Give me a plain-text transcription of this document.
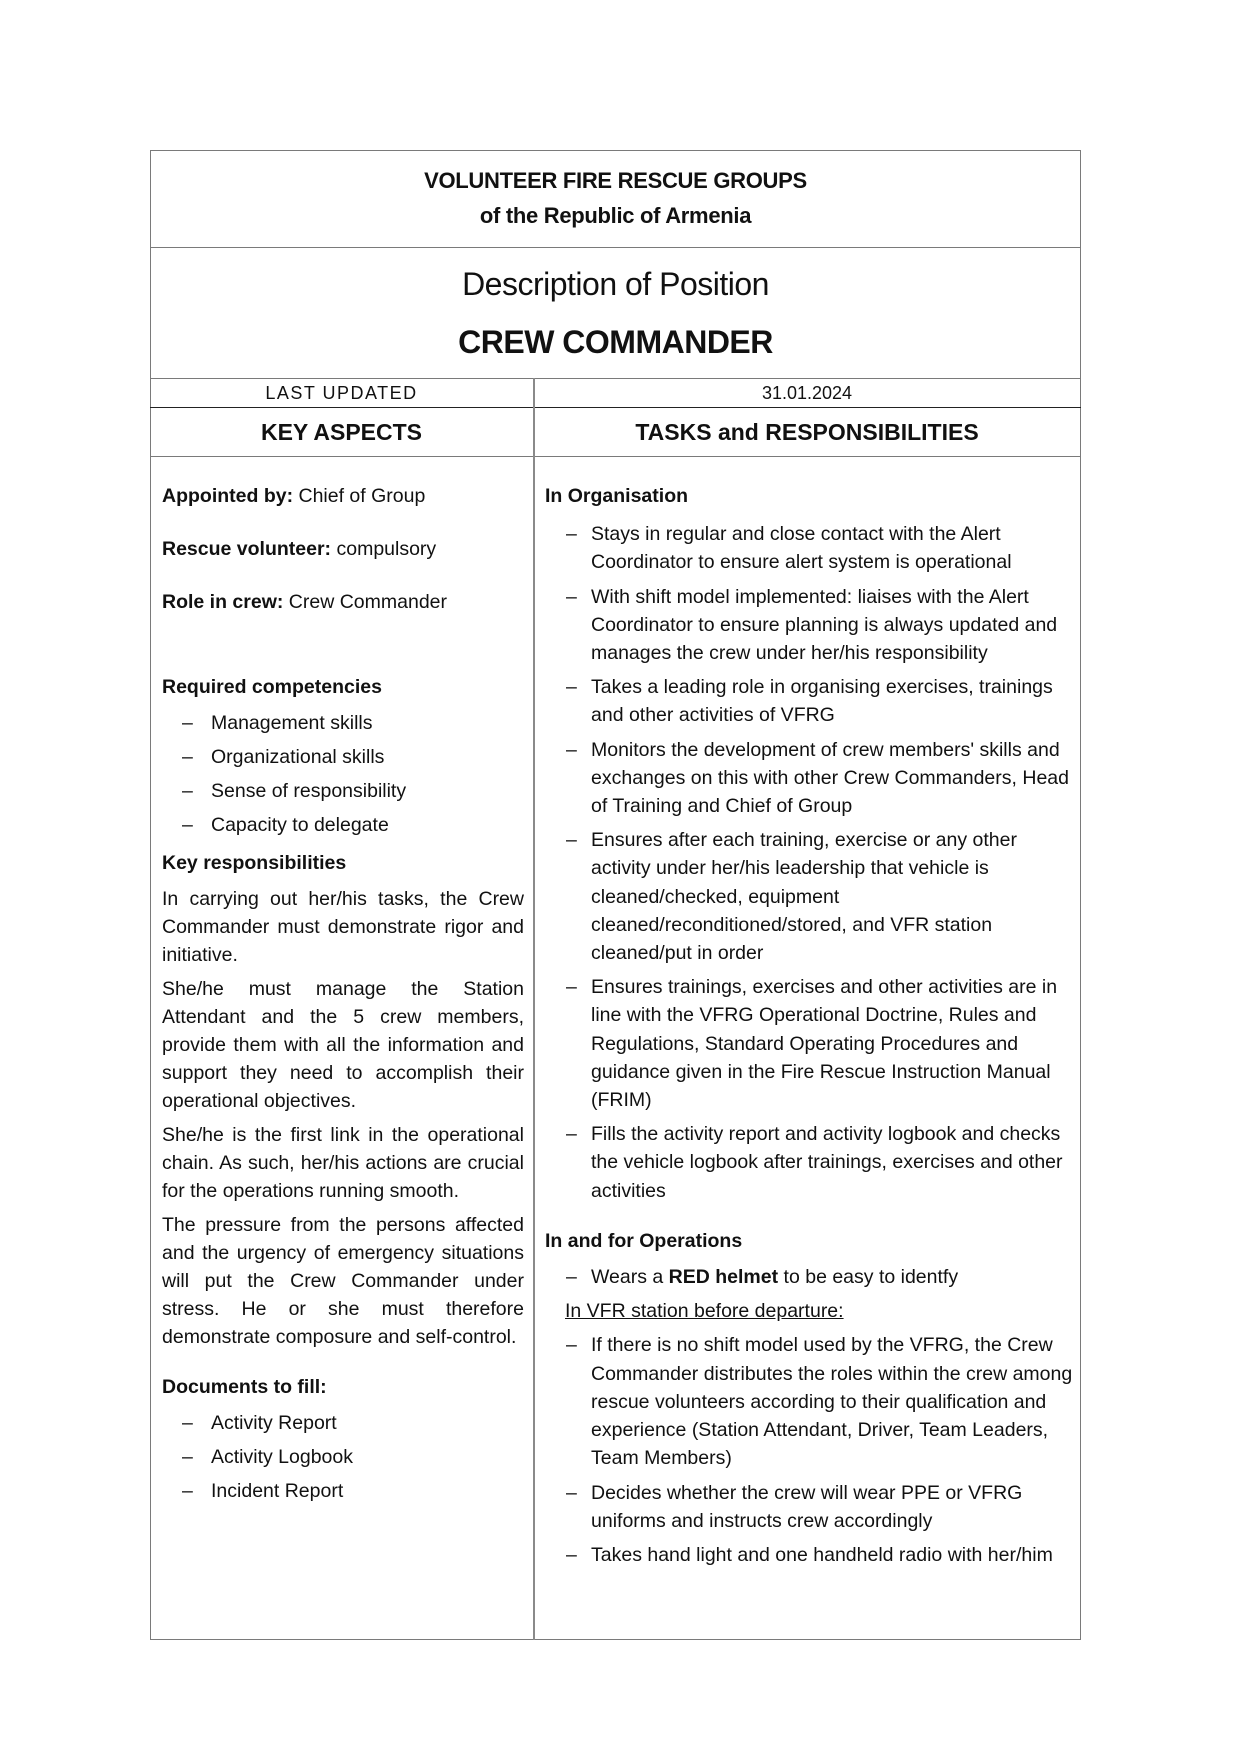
VOLUNTEER FIRE RESCUE GROUPS
of the Republic of Armenia
Description of Position
CREW COMMANDER
LAST UPDATED	31.01.2024
KEY ASPECTS	TASKS and RESPONSIBILITIES

Appointed by: Chief of Group

Rescue volunteer: compulsory

Role in crew: Crew Commander

Required competencies

– Management skills
– Organizational skills
– Sense of responsibility
– Capacity to delegate

Key responsibilities

In carrying out her/his tasks, the Crew Commander must demonstrate rigor and initiative.

She/he must manage the Station Attendant and the 5 crew members, provide them with all the information and support they need to accomplish their operational objectives.

She/he is the first link in the operational chain. As such, her/his actions are crucial for the operations running smooth.

The pressure from the persons affected and the urgency of emergency situations will put the Crew Commander under stress. He or she must therefore demonstrate composure and self-control.

Documents to fill:

– Activity Report
– Activity Logbook
– Incident Report

In Organisation

– Stays in regular and close contact with the Alert Coordinator to ensure alert system is operational
– With shift model implemented: liaises with the Alert Coordinator to ensure planning is always updated and manages the crew under her/his responsibility
– Takes a leading role in organising exercises, trainings and other activities of VFRG
– Monitors the development of crew members' skills and exchanges on this with other Crew Commanders, Head of Training and Chief of Group
– Ensures after each training, exercise or any other activity under her/his leadership that vehicle is cleaned/checked, equipment cleaned/reconditioned/stored, and VFR station cleaned/put in order
– Ensures trainings, exercises and other activities are in line with the VFRG Operational Doctrine, Rules and Regulations, Standard Operating Procedures and guidance given in the Fire Rescue Instruction Manual (FRIM)
– Fills the activity report and activity logbook and checks the vehicle logbook after trainings, exercises and other activities

In and for Operations

– Wears a RED helmet to be easy to identfy

In VFR station before departure:

– If there is no shift model used by the VFRG, the Crew Commander distributes the roles within the crew among rescue volunteers according to their qualification and experience (Station Attendant, Driver, Team Leaders, Team Members)
– Decides whether the crew will wear PPE or VFRG uniforms and instructs crew accordingly
– Takes hand light and one handheld radio with her/him
